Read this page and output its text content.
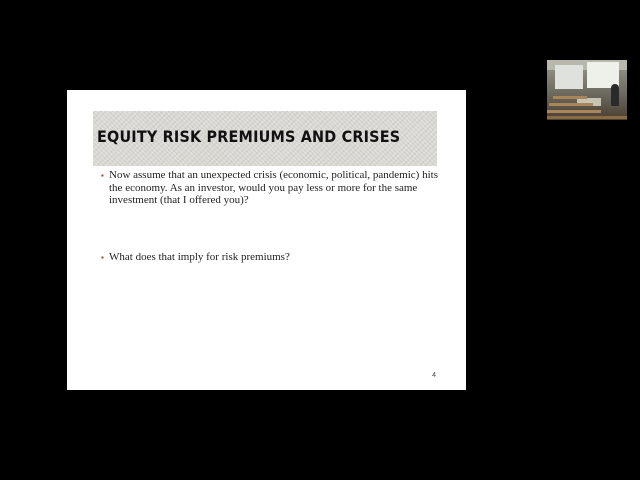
EQUITY RISK PREMIUMS AND CRISES
▪ Now assume that an unexpected crisis (economic, political, pandemic) hits the economy. As an investor, would you pay less or more for the same investment (that I offered you)?
▪ What does that imply for risk premiums?
4
